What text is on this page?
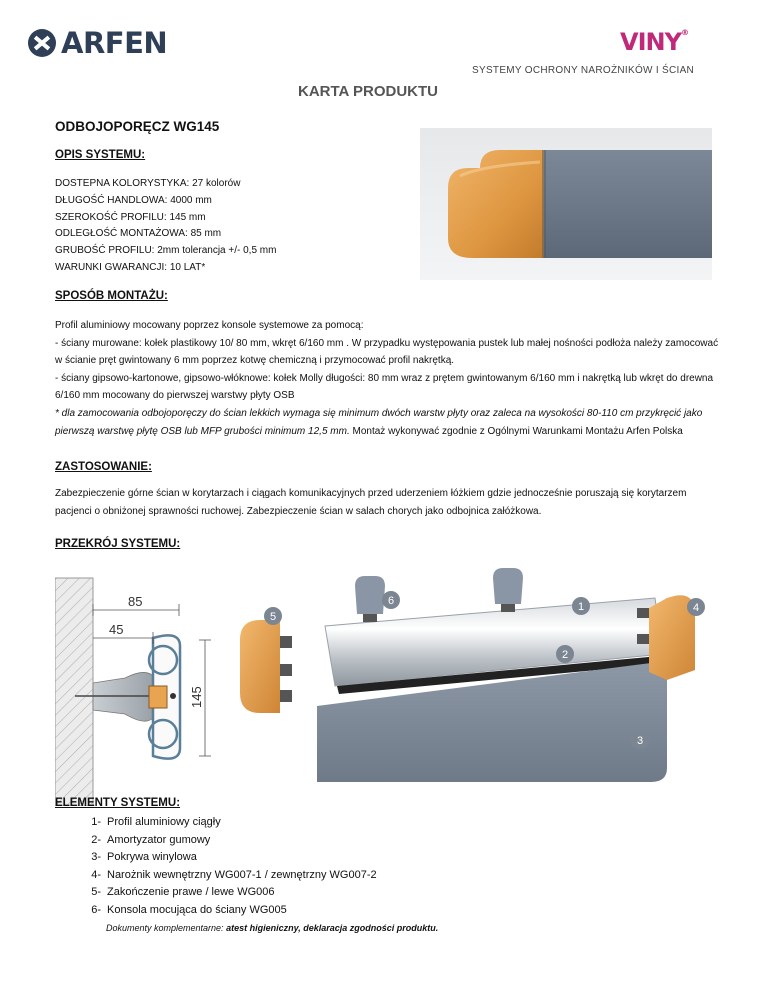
ARFEN	VINY®
SYSTEMY OCHRONY NAROŻNIKÓW I ŚCIAN
KARTA PRODUKTU
ODBOJOPORĘCZ WG145
OPIS SYSTEMU:
DOSTEPNA KOLORYSTYKA: 27 kolorów
DŁUGOŚĆ HANDLOWA: 4000 mm
SZEROKOŚĆ PROFILU: 145 mm
ODLEGŁOŚĆ MONTAŻOWA: 85 mm
GRUBOŚĆ PROFILU: 2mm tolerancja +/- 0,5 mm
WARUNKI GWARANCJI: 10 LAT*
SPOSÓB MONTAŻU:
Profil aluminiowy mocowany poprzez konsole systemowe za pomocą:
- ściany murowane: kołek plastikowy 10/ 80 mm, wkręt 6/160 mm . W przypadku występowania pustek lub małej nośności podłoża należy zamocować w ścianie pręt gwintowany 6 mm poprzez kotwę chemiczną i przymocować profil nakrętką.
- ściany gipsowo-kartonowe, gipsowo-włóknowe: kołek Molly długości: 80 mm wraz z prętem gwintowanym 6/160 mm i nakrętką lub wkręt do drewna 6/160 mm mocowany do pierwszej warstwy płyty OSB
* dla zamocowania odbojoporęczy do ścian lekkich wymaga się minimum dwóch warstw płyty oraz zaleca na wysokości 80-110 cm przykręcić jako pierwszą warstwę płytę OSB lub MFP grubości minimum 12,5 mm. Montaż wykonywać zgodnie z Ogólnymi Warunkami Montażu Arfen Polska
ZASTOSOWANIE:
Zabezpieczenie górne ścian w korytarzach i ciągach komunikacyjnych przed uderzeniem łóżkiem gdzie jednocześnie poruszają się korytarzem pacjenci o obniżonej sprawności ruchowej. Zabezpieczenie ścian w salach chorych jako odbojnica załóżkowa.
PRZEKRÓJ SYSTEMU:
85
45
145
1
2
3
4
5
6
ELEMENTY SYSTEMU:
1- Profil aluminiowy ciągły
2- Amortyzator gumowy
3- Pokrywa winylowa
4- Narożnik wewnętrzny WG007-1 / zewnętrzny WG007-2
5- Zakończenie prawe / lewe WG006
6- Konsola mocująca do ściany WG005
Dokumenty komplementarne: atest higieniczny, deklaracja zgodności produktu.
